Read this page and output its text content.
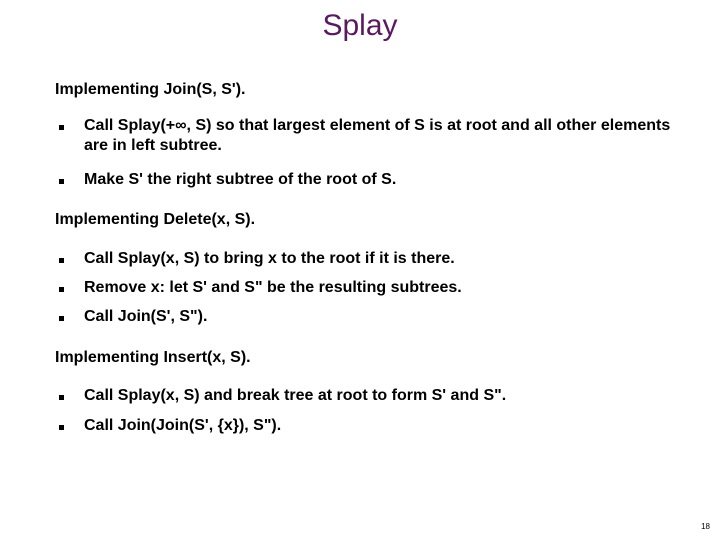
Splay
Implementing Join(S, S').
Call Splay(+∞, S) so that largest element of S is at root and all other elements are in left subtree.
Make S' the right subtree of the root of S.
Implementing Delete(x, S).
Call Splay(x, S) to bring x to the root if it is there.
Remove x: let S' and S" be the resulting subtrees.
Call Join(S', S").
Implementing Insert(x, S).
Call Splay(x, S) and break tree at root to form S' and S".
Call Join(Join(S', {x}), S").
18
